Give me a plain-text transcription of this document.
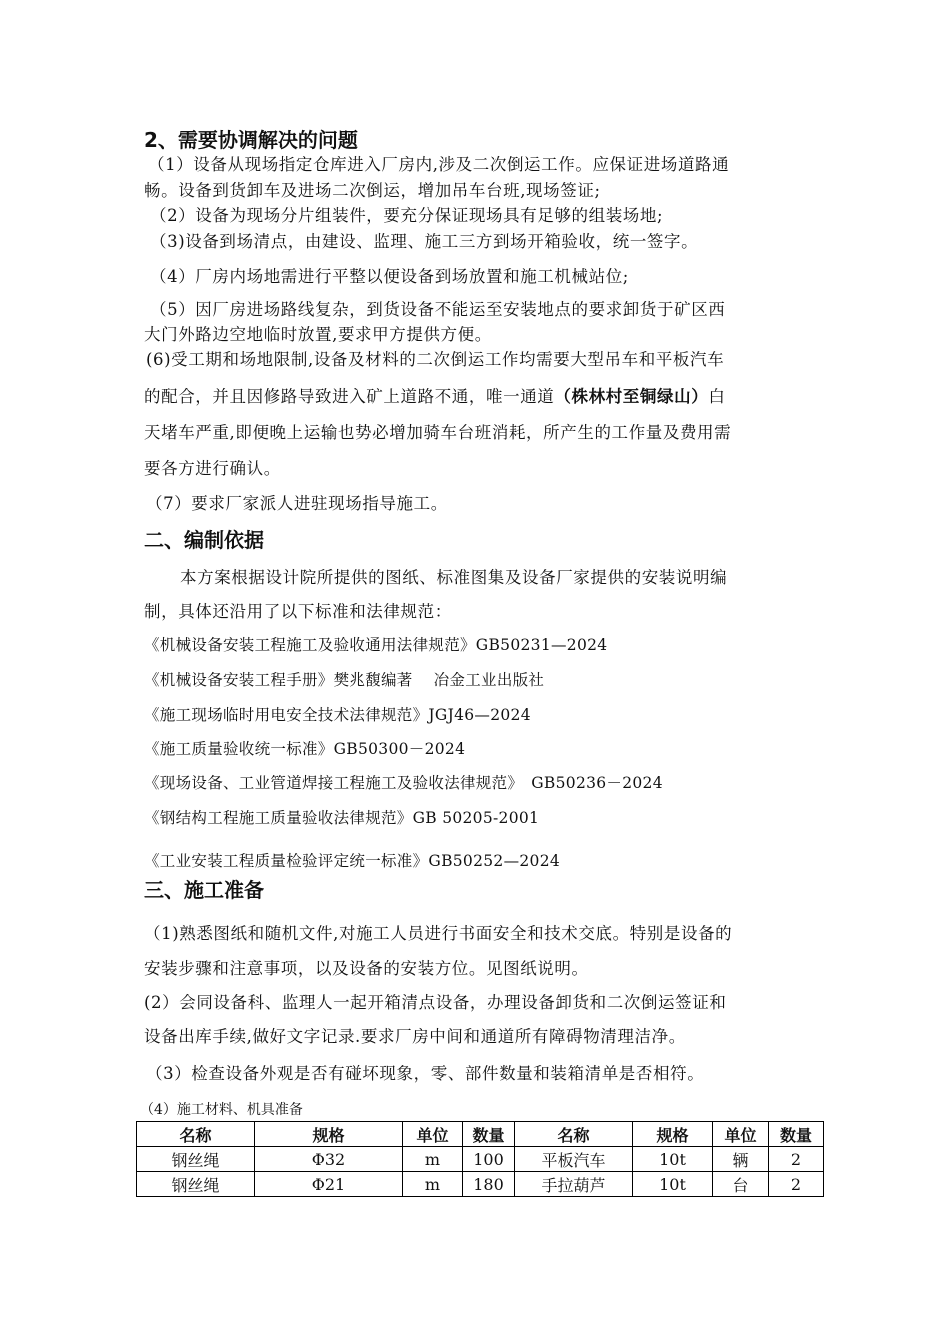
2、需要协调解决的问题
（1）设备从现场指定仓库进入厂房内,涉及二次倒运工作。应保证进场道路通
畅。设备到货卸车及进场二次倒运，增加吊车台班,现场签证;
（2）设备为现场分片组装件，要充分保证现场具有足够的组装场地;
（3)设备到场清点，由建设、监理、施工三方到场开箱验收，统一签字。
（4）厂房内场地需进行平整以便设备到场放置和施工机械站位;
（5）因厂房进场路线复杂，到货设备不能运至安装地点的要求卸货于矿区西
大门外路边空地临时放置,要求甲方提供方便。
(6)受工期和场地限制,设备及材料的二次倒运工作均需要大型吊车和平板汽车
的配合，并且因修路导致进入矿上道路不通，唯一通道（株林村至铜绿山）白
天堵车严重,即便晚上运输也势必增加骑车台班消耗，所产生的工作量及费用需
要各方进行确认。
（7）要求厂家派人进驻现场指导施工。
二、编制依据
本方案根据设计院所提供的图纸、标准图集及设备厂家提供的安装说明编
制，具体还沿用了以下标准和法律规范：
《机械设备安装工程施工及验收通用法律规范》GB50231—2024
《机械设备安装工程手册》樊兆馥编著　 冶金工业出版社
《施工现场临时用电安全技术法律规范》JGJ46—2024
《施工质量验收统一标准》GB50300－2024
《现场设备、工业管道焊接工程施工及验收法律规范》　GB50236－2024
《钢结构工程施工质量验收法律规范》GB 50205-2001
《工业安装工程质量检验评定统一标准》GB50252—2024
三、施工准备
（1)熟悉图纸和随机文件,对施工人员进行书面安全和技术交底。特别是设备的
安装步骤和注意事项，以及设备的安装方位。见图纸说明。
(2）会同设备科、监理人一起开箱清点设备，办理设备卸货和二次倒运签证和
设备出库手续,做好文字记录.要求厂房中间和通道所有障碍物清理洁净。
（3）检查设备外观是否有碰坏现象，零、部件数量和装箱清单是否相符。
（4）施工材料、机具准备
名称	规格	单位	数量	名称	规格	单位	数量
钢丝绳	Φ32	m	100	平板汽车	10t	辆	2
钢丝绳	Φ21	m	180	手拉葫芦	10t	台	2
